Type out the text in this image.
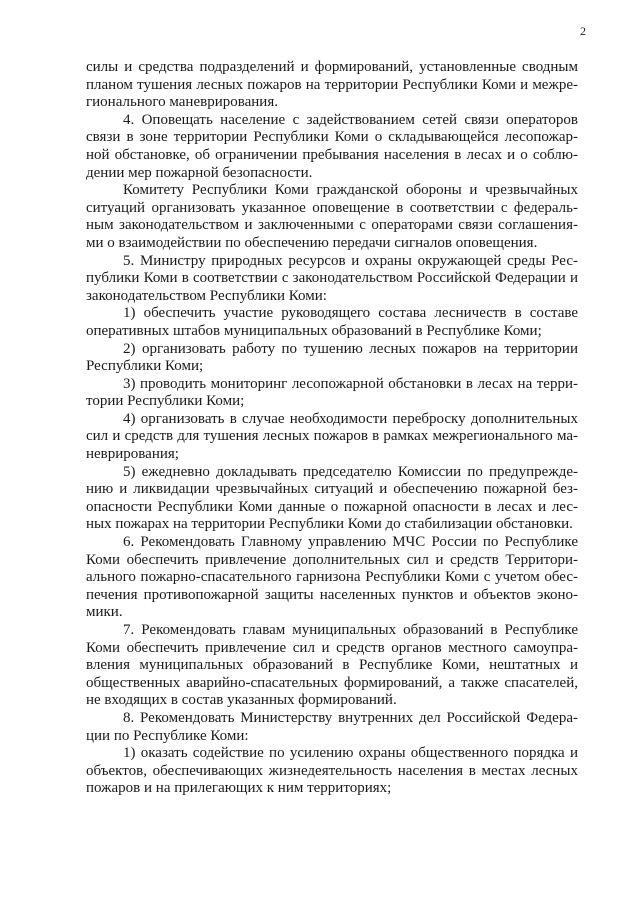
2

силы и средства подразделений и формирований, установленные сводным планом тушения лесных пожаров на территории Республики Коми и межрегионального маневрирования.

4. Оповещать население с задействованием сетей связи операторов связи в зоне территории Республики Коми о складывающейся лесопожарной обстановке, об ограничении пребывания населения в лесах и о соблюдении мер пожарной безопасности.

Комитету Республики Коми гражданской обороны и чрезвычайных ситуаций организовать указанное оповещение в соответствии с федеральным законодательством и заключенными с операторами связи соглашениями о взаимодействии по обеспечению передачи сигналов оповещения.

5. Министру природных ресурсов и охраны окружающей среды Республики Коми в соответствии с законодательством Российской Федерации и законодательством Республики Коми:

1) обеспечить участие руководящего состава лесничеств в составе оперативных штабов муниципальных образований в Республике Коми;

2) организовать работу по тушению лесных пожаров на территории Республики Коми;

3) проводить мониторинг лесопожарной обстановки в лесах на территории Республики Коми;

4) организовать в случае необходимости переброску дополнительных сил и средств для тушения лесных пожаров в рамках межрегионального маневрирования;

5) ежедневно докладывать председателю Комиссии по предупреждению и ликвидации чрезвычайных ситуаций и обеспечению пожарной безопасности Республики Коми данные о пожарной опасности в лесах и лесных пожарах на территории Республики Коми до стабилизации обстановки.

6. Рекомендовать Главному управлению МЧС России по Республике Коми обеспечить привлечение дополнительных сил и средств Территориального пожарно-спасательного гарнизона Республики Коми с учетом обеспечения противопожарной защиты населенных пунктов и объектов экономики.

7. Рекомендовать главам муниципальных образований в Республике Коми обеспечить привлечение сил и средств органов местного самоуправления муниципальных образований в Республике Коми, нештатных и общественных аварийно-спасательных формирований, а также спасателей, не входящих в состав указанных формирований.

8. Рекомендовать Министерству внутренних дел Российской Федерации по Республике Коми:

1) оказать содействие по усилению охраны общественного порядка и объектов, обеспечивающих жизнедеятельность населения в местах лесных пожаров и на прилегающих к ним территориях;
